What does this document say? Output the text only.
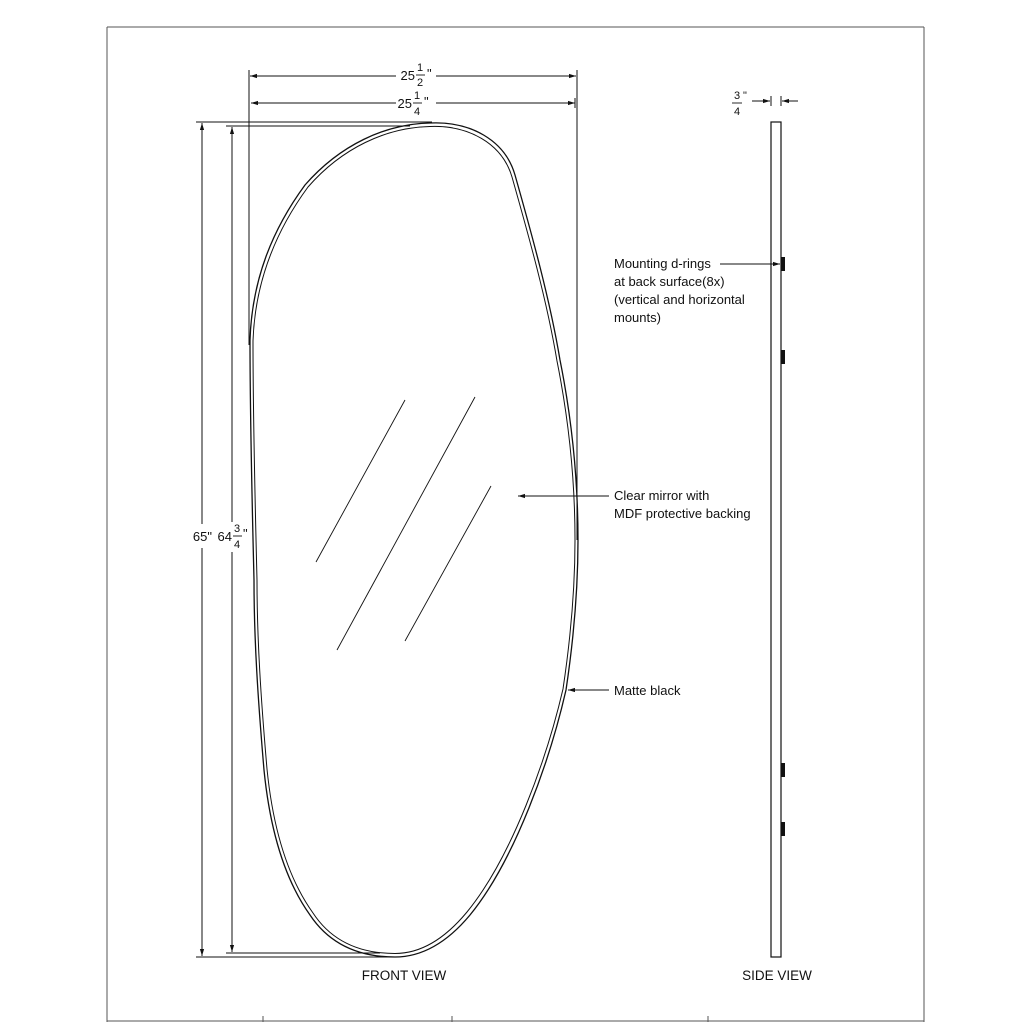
25 1
2
"
25 1
4
"
65" 64 3
4
"
Clear mirror with
MDF protective backing
Matte black
FRONT VIEW
3
4
"
Mounting d-rings
at back surface(8x)
(vertical and horizontal
mounts)
SIDE VIEW
